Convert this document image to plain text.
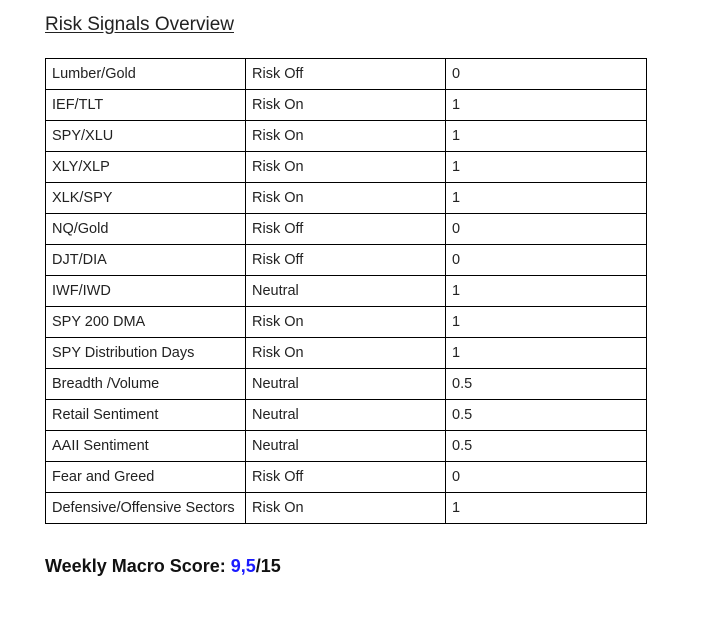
Risk Signals Overview
Lumber/Gold	Risk Off	0
IEF/TLT	Risk On	1
SPY/XLU	Risk On	1
XLY/XLP	Risk On	1
XLK/SPY	Risk On	1
NQ/Gold	Risk Off	0
DJT/DIA	Risk Off	0
IWF/IWD	Neutral	1
SPY 200 DMA	Risk On	1
SPY Distribution Days	Risk On	1
Breadth /Volume	Neutral	0.5
Retail Sentiment	Neutral	0.5
AAII Sentiment	Neutral	0.5
Fear and Greed	Risk Off	0
Defensive/Offensive Sectors	Risk On	1

Weekly Macro Score: 9,5/15
